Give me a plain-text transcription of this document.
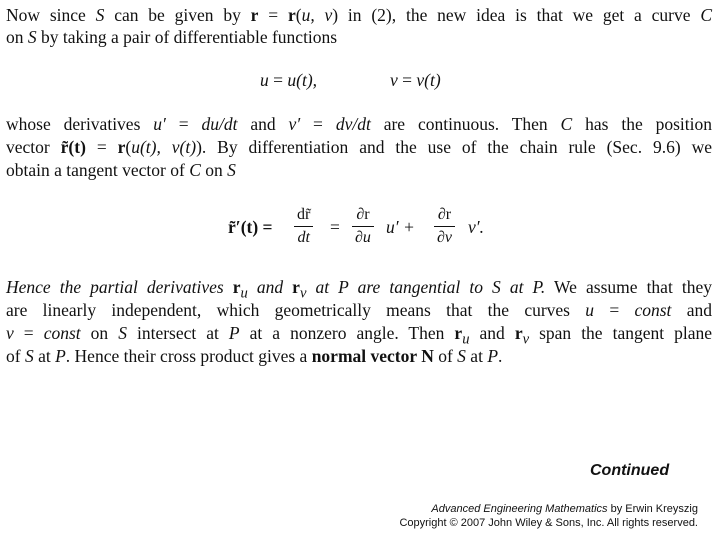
Now since S can be given by r = r(u, v) in (2), the new idea is that we get a curve C
on S by taking a pair of differentiable functions
u = u(t),	v = v(t)
whose derivatives u′ = du/dt and v′ = dv/dt are continuous. Then C has the position
vector r̃(t) = r(u(t), v(t)). By differentiation and the use of the chain rule (Sec. 9.6) we
obtain a tangent vector of C on S
r̃′(t) =
dr̃
dt
=
∂r
∂u
u′ +
∂r
∂v
v′.
Hence the partial derivatives $r_u$ and $r_v$ at P are tangential to S at P. We assume that they
are linearly independent, which geometrically means that the curves u = const and
v = const on S intersect at P at a nonzero angle. Then $r_u$ and $r_v$ span the tangent plane
of S at P. Hence their cross product gives a normal vector N of S at P.
Continued
Advanced Engineering Mathematics by Erwin Kreyszig
Copyright © 2007 John Wiley & Sons, Inc. All rights reserved.
